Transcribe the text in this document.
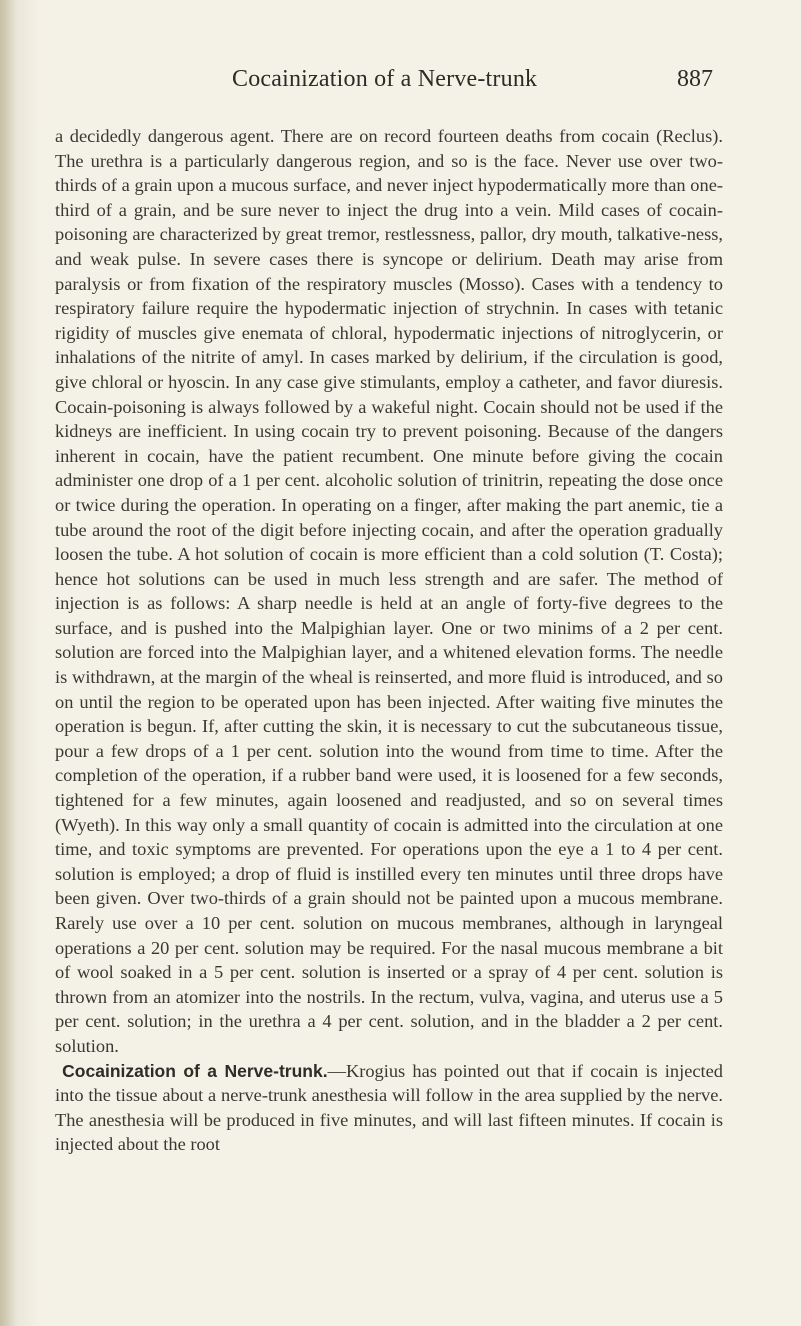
Cocainization of a Nerve-trunk	887

a decidedly dangerous agent. There are on record fourteen deaths from cocain (Reclus). The urethra is a particularly dangerous region, and so is the face. Never use over two-thirds of a grain upon a mucous surface, and never inject hypodermatically more than one-third of a grain, and be sure never to inject the drug into a vein. Mild cases of cocain-poisoning are characterized by great tremor, restlessness, pallor, dry mouth, talkative-ness, and weak pulse. In severe cases there is syncope or delirium. Death may arise from paralysis or from fixation of the respiratory muscles (Mosso). Cases with a tendency to respiratory failure require the hypodermatic injection of strychnin. In cases with tetanic rigidity of muscles give enemata of chloral, hypodermatic injections of nitroglycerin, or inhalations of the nitrite of amyl. In cases marked by delirium, if the circulation is good, give chloral or hyoscin. In any case give stimulants, employ a catheter, and favor diuresis. Cocain-poisoning is always followed by a wakeful night. Cocain should not be used if the kidneys are inefficient. In using cocain try to prevent poisoning. Because of the dangers inherent in cocain, have the patient recumbent. One minute before giving the cocain administer one drop of a 1 per cent. alcoholic solution of trinitrin, repeating the dose once or twice during the operation. In operating on a finger, after making the part anemic, tie a tube around the root of the digit before injecting cocain, and after the operation gradually loosen the tube. A hot solution of cocain is more efficient than a cold solution (T. Costa); hence hot solutions can be used in much less strength and are safer. The method of injection is as follows: A sharp needle is held at an angle of forty-five degrees to the surface, and is pushed into the Malpighian layer. One or two minims of a 2 per cent. solution are forced into the Malpighian layer, and a whitened elevation forms. The needle is withdrawn, at the margin of the wheal is reinserted, and more fluid is introduced, and so on until the region to be operated upon has been injected. After waiting five minutes the operation is begun. If, after cutting the skin, it is necessary to cut the subcutaneous tissue, pour a few drops of a 1 per cent. solution into the wound from time to time. After the completion of the operation, if a rubber band were used, it is loosened for a few seconds, tightened for a few minutes, again loosened and readjusted, and so on several times (Wyeth). In this way only a small quantity of cocain is admitted into the circulation at one time, and toxic symptoms are prevented. For operations upon the eye a 1 to 4 per cent. solution is employed; a drop of fluid is instilled every ten minutes until three drops have been given. Over two-thirds of a grain should not be painted upon a mucous membrane. Rarely use over a 10 per cent. solution on mucous membranes, although in laryngeal operations a 20 per cent. solution may be required. For the nasal mucous membrane a bit of wool soaked in a 5 per cent. solution is inserted or a spray of 4 per cent. solution is thrown from an atomizer into the nostrils. In the rectum, vulva, vagina, and uterus use a 5 per cent. solution; in the urethra a 4 per cent. solution, and in the bladder a 2 per cent. solution.

Cocainization of a Nerve-trunk.—Krogius has pointed out that if cocain is injected into the tissue about a nerve-trunk anesthesia will follow in the area supplied by the nerve. The anesthesia will be produced in five minutes, and will last fifteen minutes. If cocain is injected about the root
